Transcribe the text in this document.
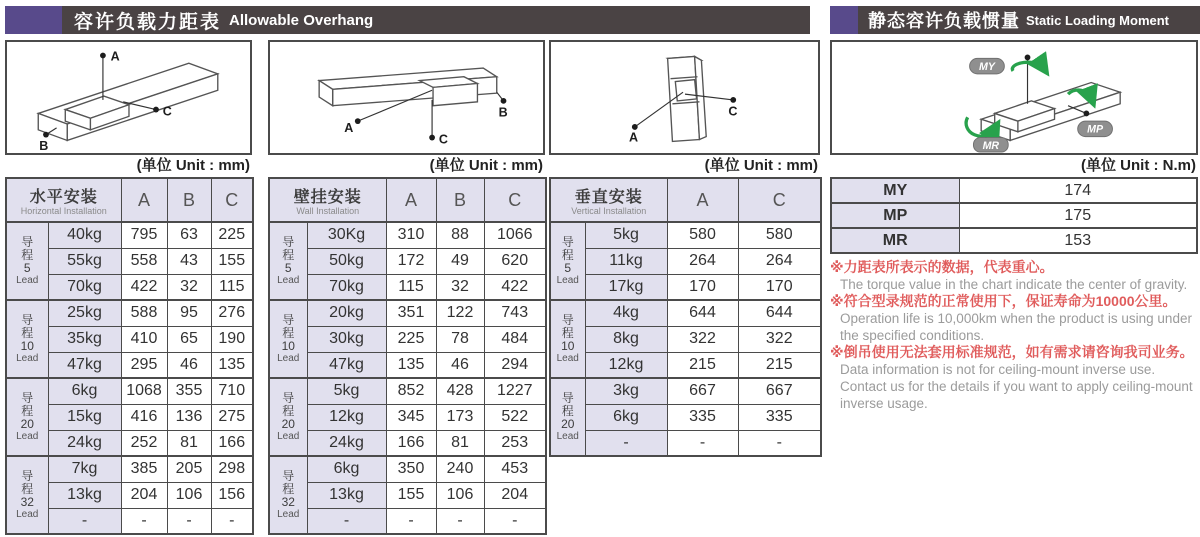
容许负载力距表 Allowable Overhang	静态容许负载惯量 Static Loading Moment
A
C
B
(单位 Unit : mm)
水平安装
Horizontal Installation		A	B	C

导
程
5
Lead	40kg	795	63	225
	55kg	558	43	155
	70kg	422	32	115

导
程
10
Lead	25kg	588	95	276
	35kg	410	65	190
	47kg	295	46	135

导
程
20
Lead	6kg	1068	355	710
	15kg	416	136	275
	24kg	252	81	166

导
程
32
Lead	7kg	385	205	298
	13kg	204	106	156
	-	-	-	-
B
A
C
(单位 Unit : mm)
壁挂安装
Wall Installation		A	B	C

导
程
5
Lead	30Kg	310	88	1066
	50kg	172	49	620
	70kg	115	32	422

导
程
10
Lead	20kg	351	122	743
	30kg	225	78	484
	47kg	135	46	294

导
程
20
Lead	5kg	852	428	1227
	12kg	345	173	522
	24kg	166	81	253

导
程
32
Lead	6kg	350	240	453
	13kg	155	106	204
	-	-	-	-
A
C
(单位 Unit : mm)
垂直安装
Vertical Installation		A	C

导
程
5
Lead	5kg	580	580
	11kg	264	264
	17kg	170	170

导
程
10
Lead	4kg	644	644
	8kg	322	322
	12kg	215	215

导
程
20
Lead	3kg	667	667
	6kg	335	335
	-	-	-
MY
MP
MR
(单位 Unit : N.m)
MY	174
MP	175
MR	153
※力距表所表示的数据，代表重心。
The torque value in the chart indicate the center of gravity.
※符合型录规范的正常使用下，保证寿命为10000公里。
Operation life is 10,000km when the product is using under the specified conditions.
※倒吊使用无法套用标准规范，如有需求请咨询我司业务。
Data information is not for ceiling-mount inverse use. Contact us for the details if you want to apply ceiling-mount inverse usage.
